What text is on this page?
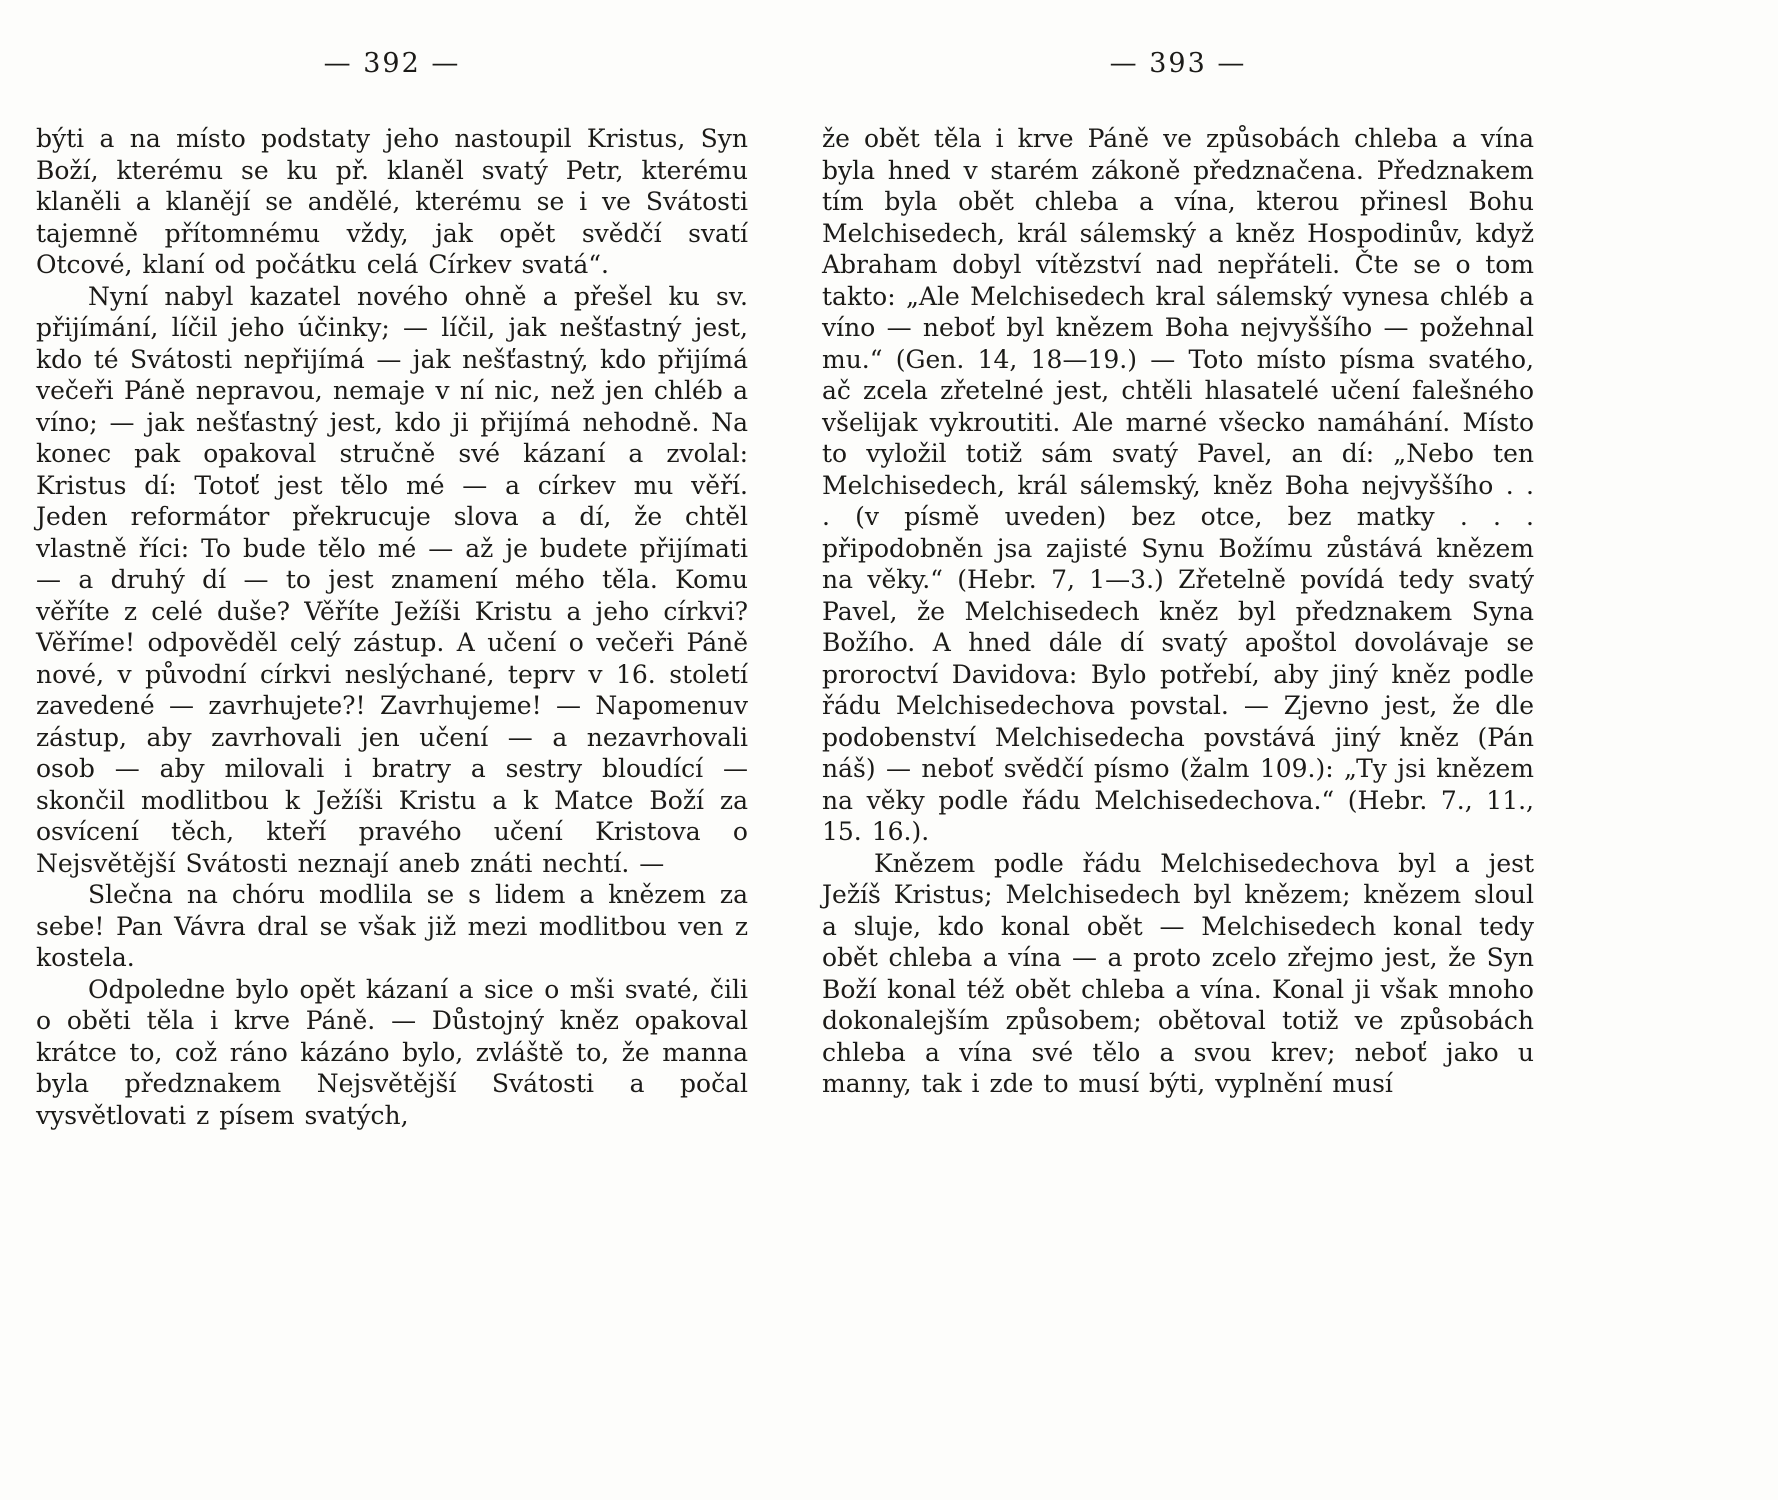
— 392 —

býti a na místo podstaty jeho nastoupil Kristus, Syn Boží, kterému se ku př. klaněl svatý Petr, kterému klaněli a klanějí se andělé, kterému se i ve Svátosti tajemně přítomnému vždy, jak opět svědčí svatí Otcové, klaní od počátku celá Církev svatá“.

Nyní nabyl kazatel nového ohně a přešel ku sv. přijímání, líčil jeho účinky; — líčil, jak nešťastný jest, kdo té Svátosti nepřijímá — jak nešťastný, kdo přijímá večeři Páně nepravou, nemaje v ní nic, než jen chléb a víno; — jak nešťastný jest, kdo ji přijímá nehodně. Na konec pak opakoval stručně své kázaní a zvolal: Kristus dí: Totoť jest tělo mé — a církev mu věří. Jeden reformátor překrucuje slova a dí, že chtěl vlastně říci: To bude tělo mé — až je budete přijímati — a druhý dí — to jest znamení mého těla. Komu věříte z celé duše? Věříte Ježíši Kristu a jeho církvi? Věříme! odpověděl celý zástup. A učení o večeři Páně nové, v původní církvi neslýchané, teprv v 16. století zavedené — zavrhujete?! Zavrhujeme! — Napomenuv zástup, aby zavrhovali jen učení — a nezavrhovali osob — aby milovali i bratry a sestry bloudící — skončil modlitbou k Ježíši Kristu a k Matce Boží za osvícení těch, kteří pravého učení Kristova o Nejsvětější Svátosti neznají aneb znáti nechtí. —

Slečna na chóru modlila se s lidem a knězem za sebe! Pan Vávra dral se však již mezi modlitbou ven z kostela.

Odpoledne bylo opět kázaní a sice o mši svaté, čili o oběti těla i krve Páně. — Důstojný kněz opakoval krátce to, což ráno kázáno bylo, zvláště to, že manna byla předznakem Nejsvětější Svátosti a počal vysvětlovati z písem svatých,

— 393 —

že obět těla i krve Páně ve způsobách chleba a vína byla hned v starém zákoně předznačena. Předznakem tím byla obět chleba a vína, kterou přinesl Bohu Melchisedech, král sálemský a kněz Hospodinův, když Abraham dobyl vítězství nad nepřáteli. Čte se o tom takto: „Ale Melchisedech kral sálemský vynesa chléb a víno — neboť byl knězem Boha nejvyššího — požehnal mu.“ (Gen. 14, 18—19.) — Toto místo písma svatého, ač zcela zřetelné jest, chtěli hlasatelé učení falešného všelijak vykroutiti. Ale marné všecko namáhání. Místo to vyložil totiž sám svatý Pavel, an dí: „Nebo ten Melchisedech, král sálemský, kněz Boha nejvyššího . . . (v písmě uveden) bez otce, bez matky . . . připodobněn jsa zajisté Synu Božímu zůstává knězem na věky.“ (Hebr. 7, 1—3.) Zřetelně povídá tedy svatý Pavel, že Melchisedech kněz byl předznakem Syna Božího. A hned dále dí svatý apoštol dovolávaje se proroctví Davidova: Bylo potřebí, aby jiný kněz podle řádu Melchisedechova povstal. — Zjevno jest, že dle podobenství Melchisedecha povstává jiný kněz (Pán náš) — neboť svědčí písmo (žalm 109.): „Ty jsi knězem na věky podle řádu Melchisedechova.“ (Hebr. 7., 11., 15. 16.).

Knězem podle řádu Melchisedechova byl a jest Ježíš Kristus; Melchisedech byl knězem; knězem sloul a sluje, kdo konal obět — Melchisedech konal tedy obět chleba a vína — a proto zcelo zřejmo jest, že Syn Boží konal též obět chleba a vína. Konal ji však mnoho dokonalejším způsobem; obětoval totiž ve způsobách chleba a vína své tělo a svou krev; neboť jako u manny, tak i zde to musí býti, vyplnění musí
